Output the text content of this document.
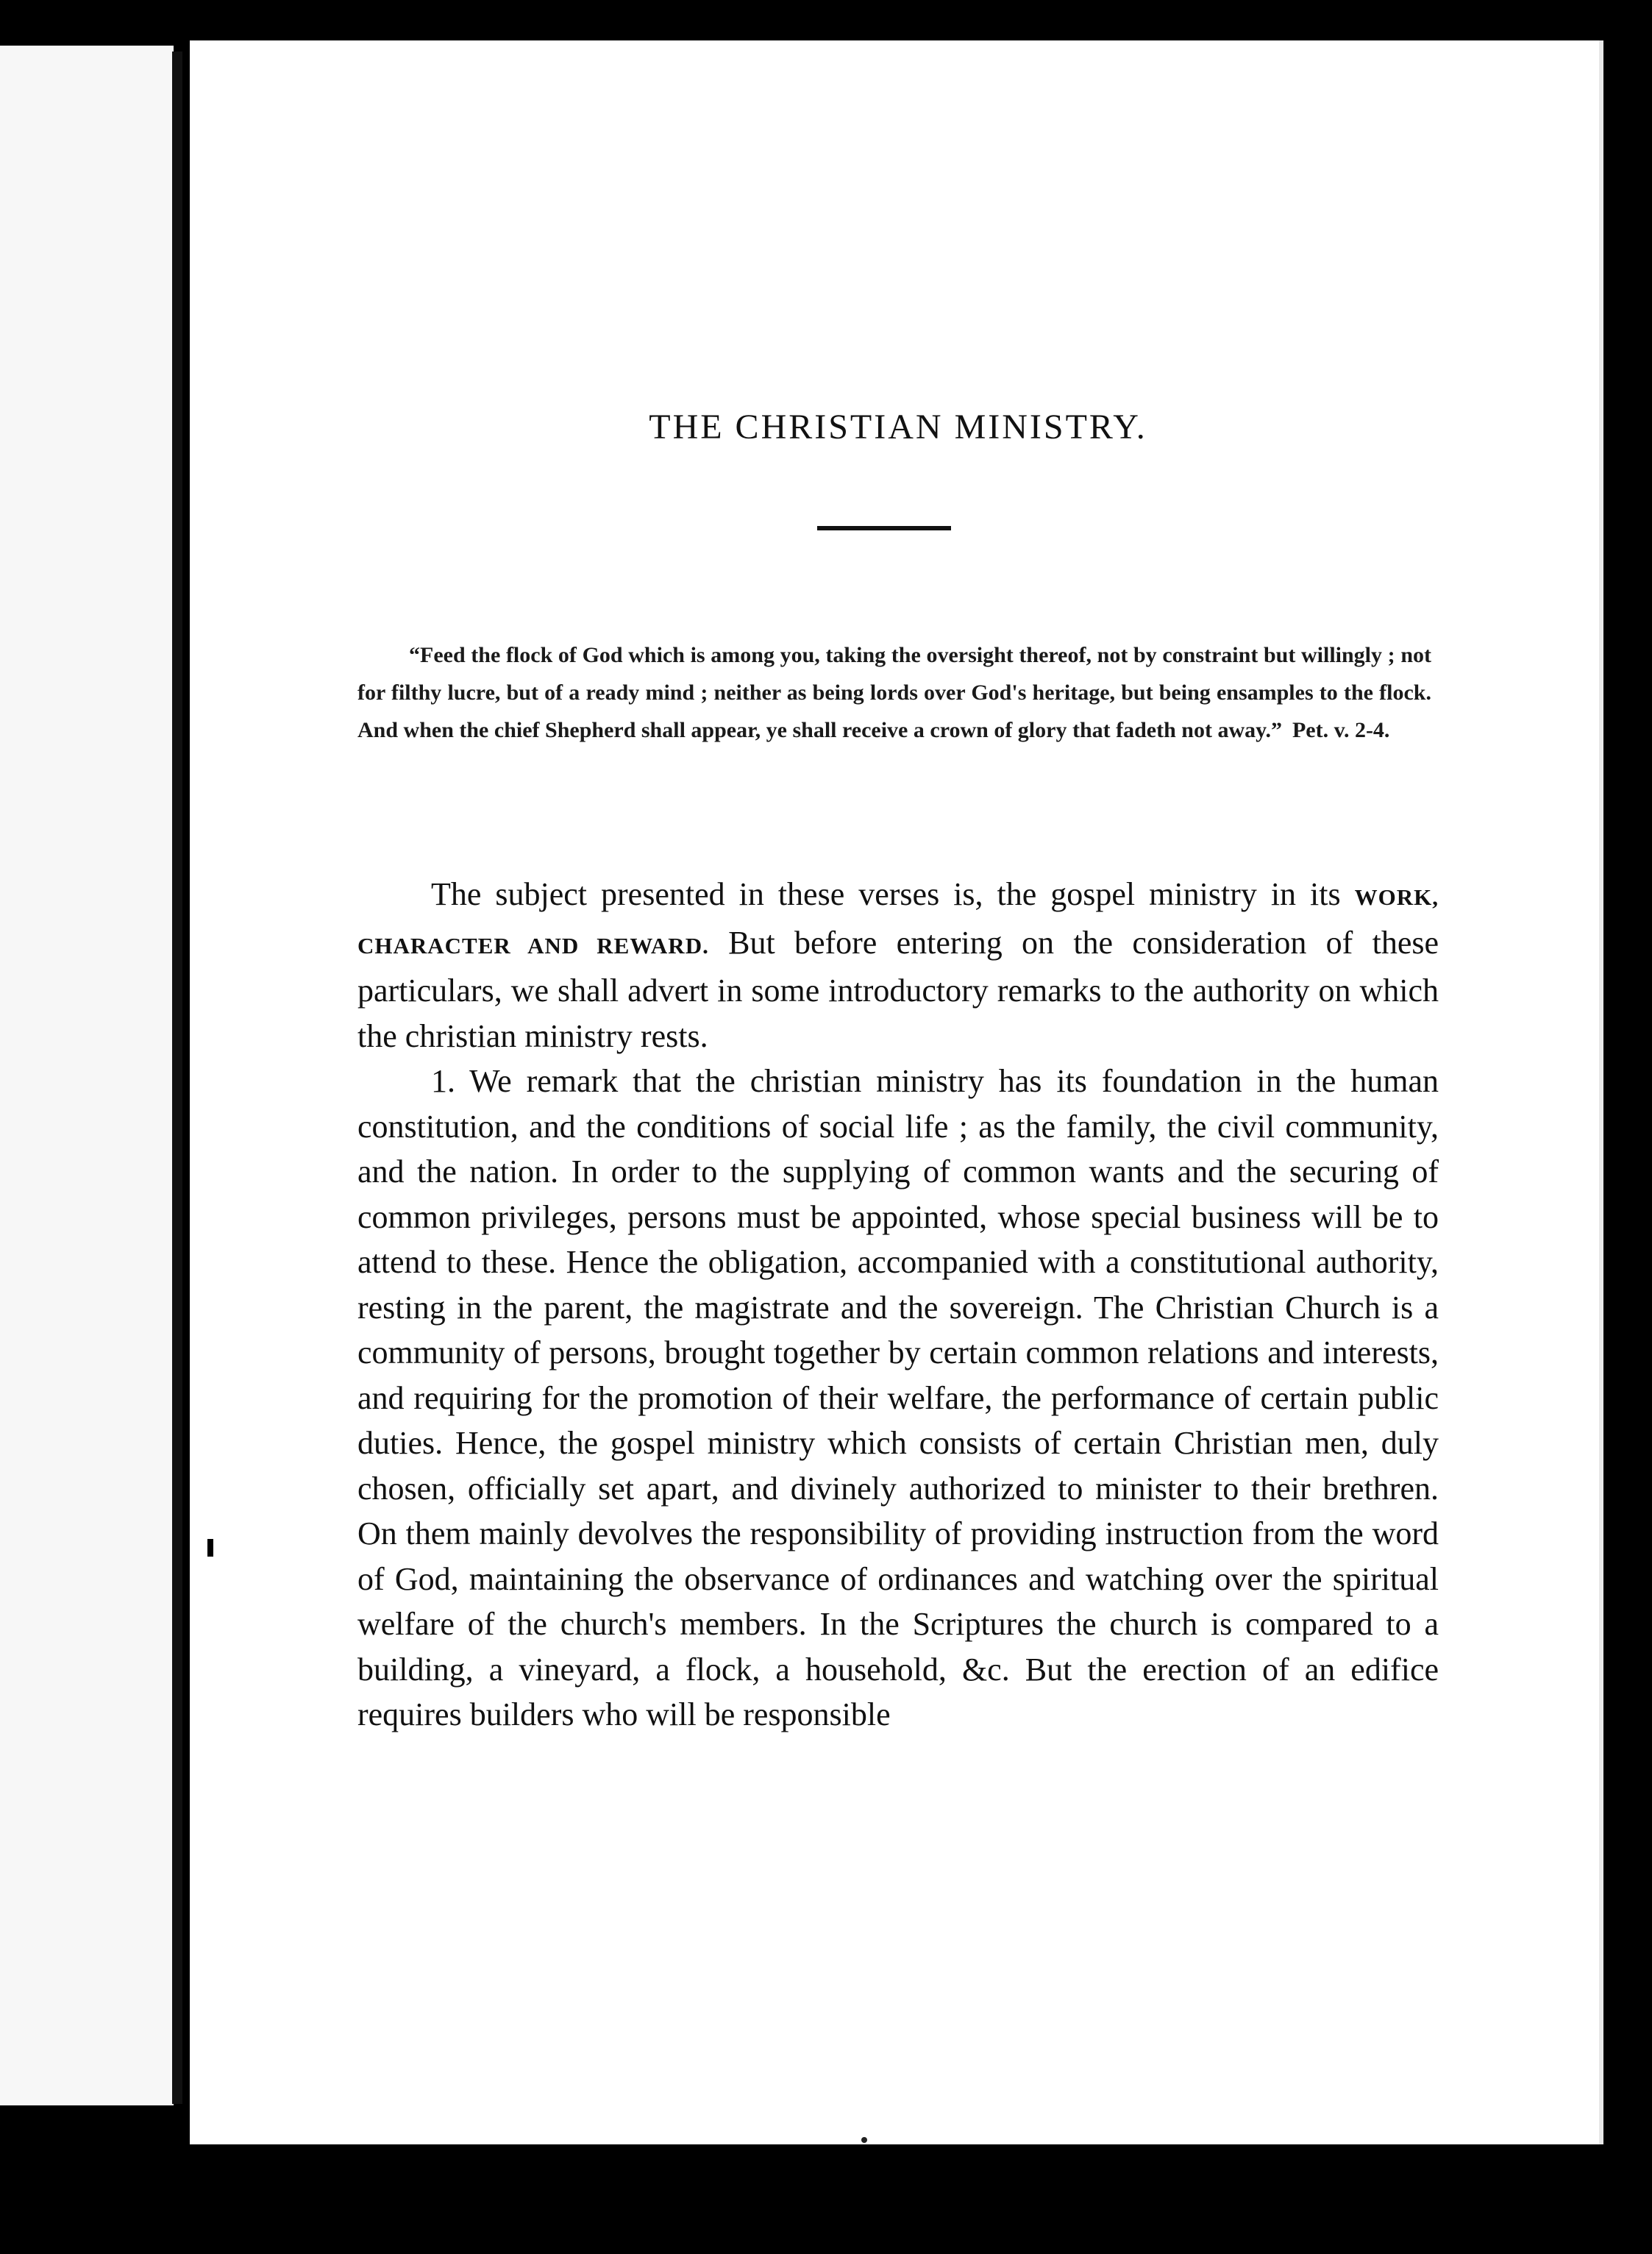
THE CHRISTIAN MINISTRY.
“Feed the flock of God which is among you, taking the oversight thereof, not by constraint but willingly ; not for filthy lucre, but of a ready mind ; neither as being lords over God's heritage, but being ensamples to the flock. And when the chief Shepherd shall appear, ye shall receive a crown of glory that fadeth not away.” Pet. v. 2-4.

The subject presented in these verses is, the gospel ministry in its WORK, CHARACTER AND REWARD. But before entering on the consideration of these particulars, we shall advert in some introductory remarks to the authority on which the christian ministry rests.

1. We remark that the christian ministry has its foundation in the human constitution, and the conditions of social life ; as the family, the civil community, and the nation. In order to the supplying of common wants and the securing of common privileges, persons must be appointed, whose special business will be to attend to these. Hence the obligation, accompanied with a constitutional authority, resting in the parent, the magistrate and the sovereign. The Christian Church is a community of persons, brought together by certain common relations and interests, and requiring for the promotion of their welfare, the performance of certain public duties. Hence, the gospel ministry which consists of certain Christian men, duly chosen, officially set apart, and divinely authorized to minister to their brethren. On them mainly devolves the responsibility of providing instruction from the word of God, maintaining the observance of ordinances and watching over the spiritual welfare of the church's members. In the Scriptures the church is compared to a building, a vineyard, a flock, a household, &c. But the erection of an edifice requires builders who will be responsible
